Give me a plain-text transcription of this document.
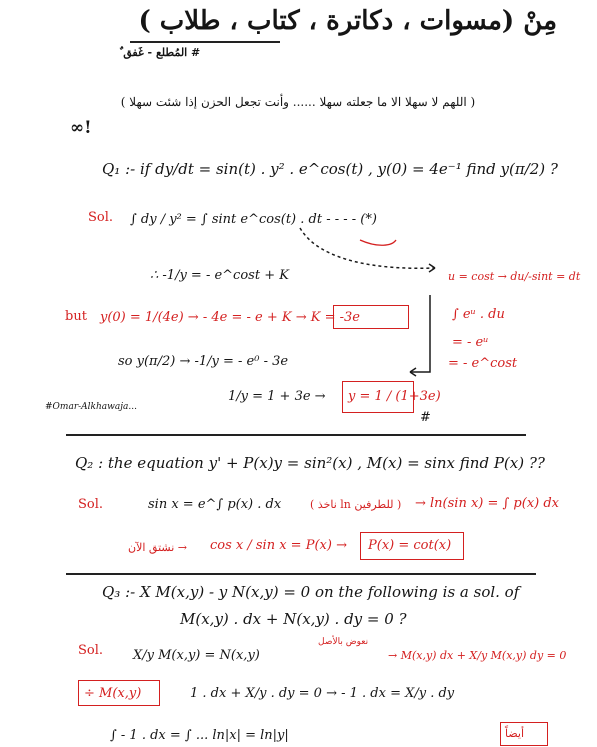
مِنْ (مسوات ، دكاترة ، كتاب ، طلاب )
# المُطلع - غَفق ٌ
( اللهم لا سهلا الا ما جعلته سهلا ...... وأنت تجعل الحزن إذا شئت سهلا )
∞!
Q₁ :- if dy/dt = sin(t) . y² . e^cos(t) , y(0) = 4e⁻¹ find y(π/2) ?
Sol. ∫ dy / y² = ∫ sint e^cos(t) . dt - - - - (*)
∴ -1/y = - e^cost + K
but y(0) = 1/(4e) → - 4e = - e + K → K = -3e
so y(π/2) → -1/y = - e⁰ - 3e
1/y = 1 + 3e → y = 1 / (1+3e)
u = cost → du/-sint = dt
∫ eᵘ . du
= - eᵘ
= - e^cost
#Omar-Alkhawaja...
#
Q₂ : the equation y' + P(x)y = sin²(x) , M(x) = sinx find P(x) ??
Sol.	sin x = e^∫ p(x) . dx	( ناخذ ln للطرفين ) → ln(sin x) = ∫ p(x) dx
نشتق الآن → cos x / sin x = P(x) → P(x) = cot(x)
Q₃ :- X M(x,y) - y N(x,y) = 0 on the following is a sol. of
M(x,y) . dx + N(x,y) . dy = 0 ?
Sol. X/y M(x,y) = N(x,y)
نعوض بالأصل
→ M(x,y) dx + X/y M(x,y) dy = 0
÷ M(x,y)	1 . dx + X/y . dy = 0 → - 1 . dx = X/y . dy
∫ - 1 . dx = ∫ ... ln|x| = ln|y|	أيضاً
